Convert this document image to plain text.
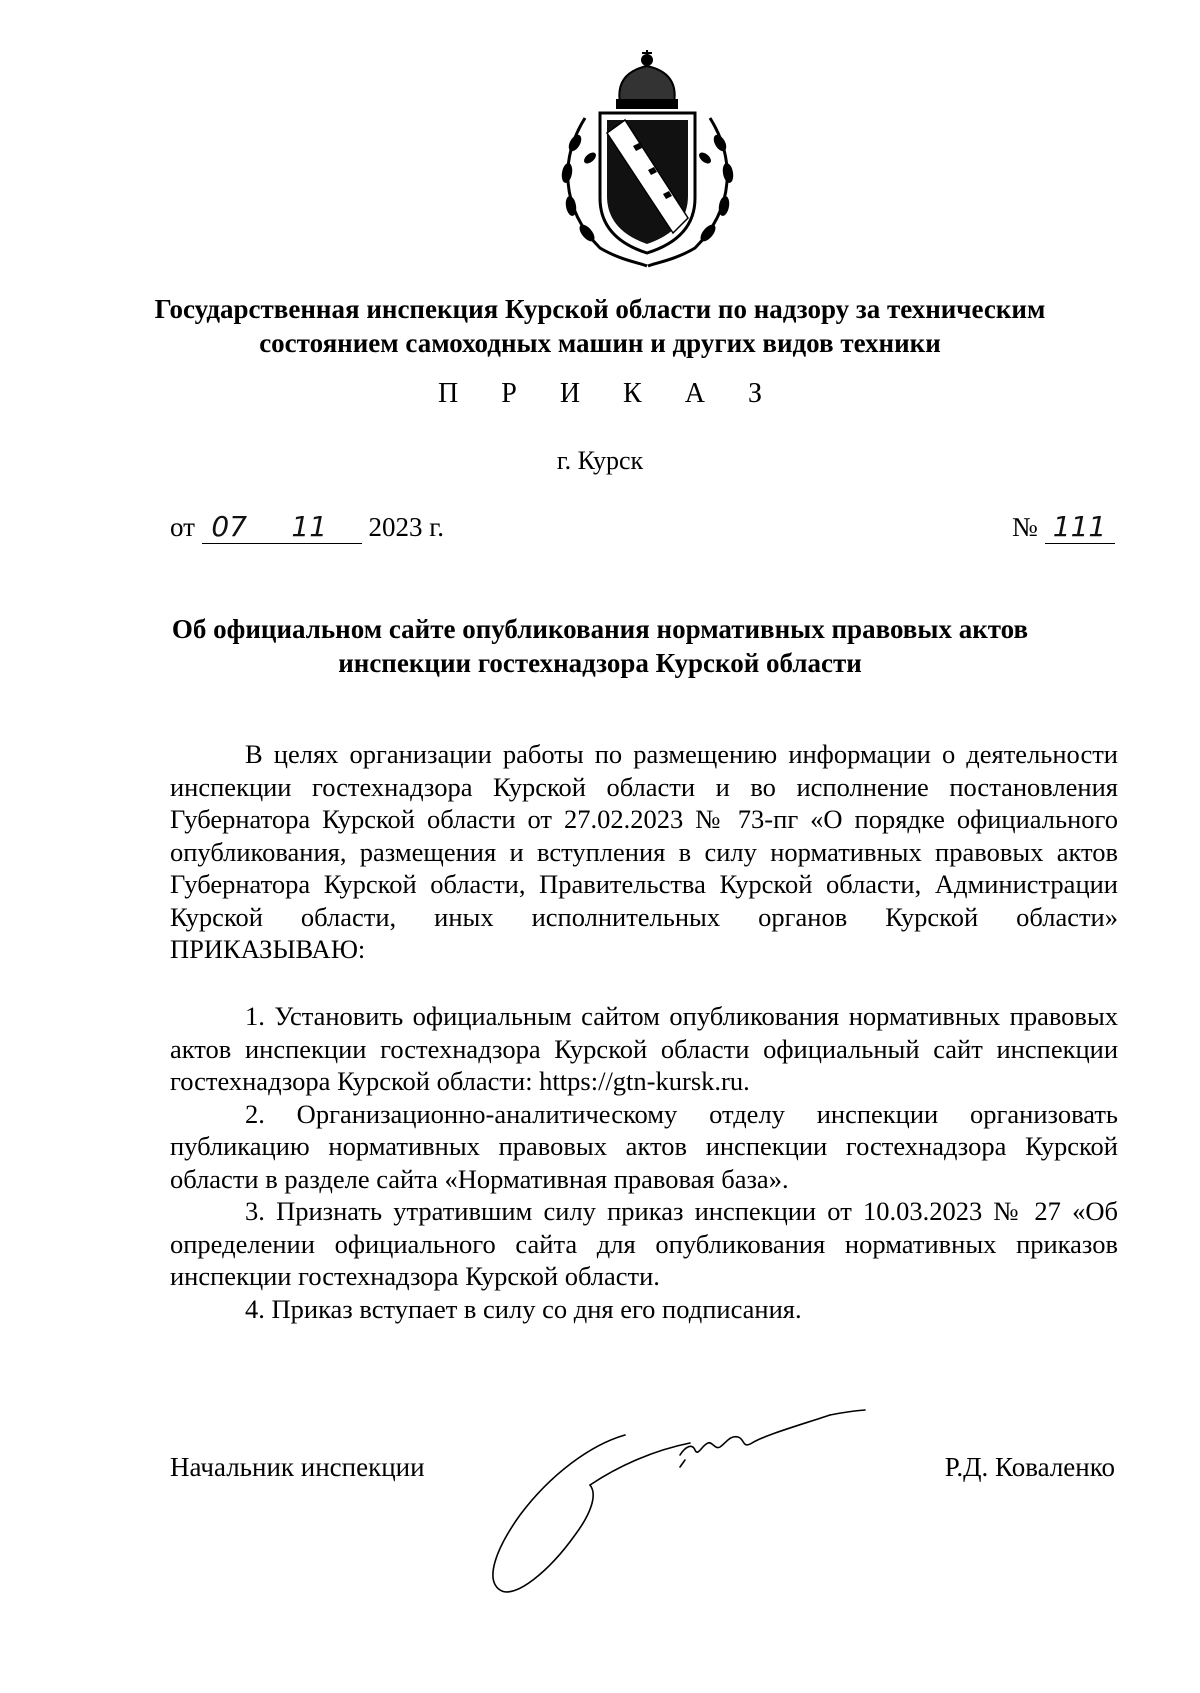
Государственная инспекция Курской области по надзору за техническим
состоянием самоходных машин и других видов техники
П Р И К А З
г. Курск
от 07 11 2023 г.	№ 111
Об официальном сайте опубликования нормативных правовых актов
инспекции гостехнадзора Курской области

В целях организации работы по размещению информации о деятельности инспекции гостехнадзора Курской области и во исполнение постановления Губернатора Курской области от 27.02.2023 № 73-пг «О порядке официального опубликования, размещения и вступления в силу нормативных правовых актов Губернатора Курской области, Правительства Курской области, Администрации Курской области, иных исполнительных органов Курской области» ПРИКАЗЫВАЮ:

1. Установить официальным сайтом опубликования нормативных правовых актов инспекции гостехнадзора Курской области официальный сайт инспекции гостехнадзора Курской области: https://gtn-kursk.ru.

2. Организационно-аналитическому отделу инспекции организовать публикацию нормативных правовых актов инспекции гостехнадзора Курской области в разделе сайта «Нормативная правовая база».

3. Признать утратившим силу приказ инспекции от 10.03.2023 № 27 «Об определении официального сайта для опубликования нормативных приказов инспекции гостехнадзора Курской области.

4. Приказ вступает в силу со дня его подписания.

Начальник инспекции	Р.Д. Коваленко
